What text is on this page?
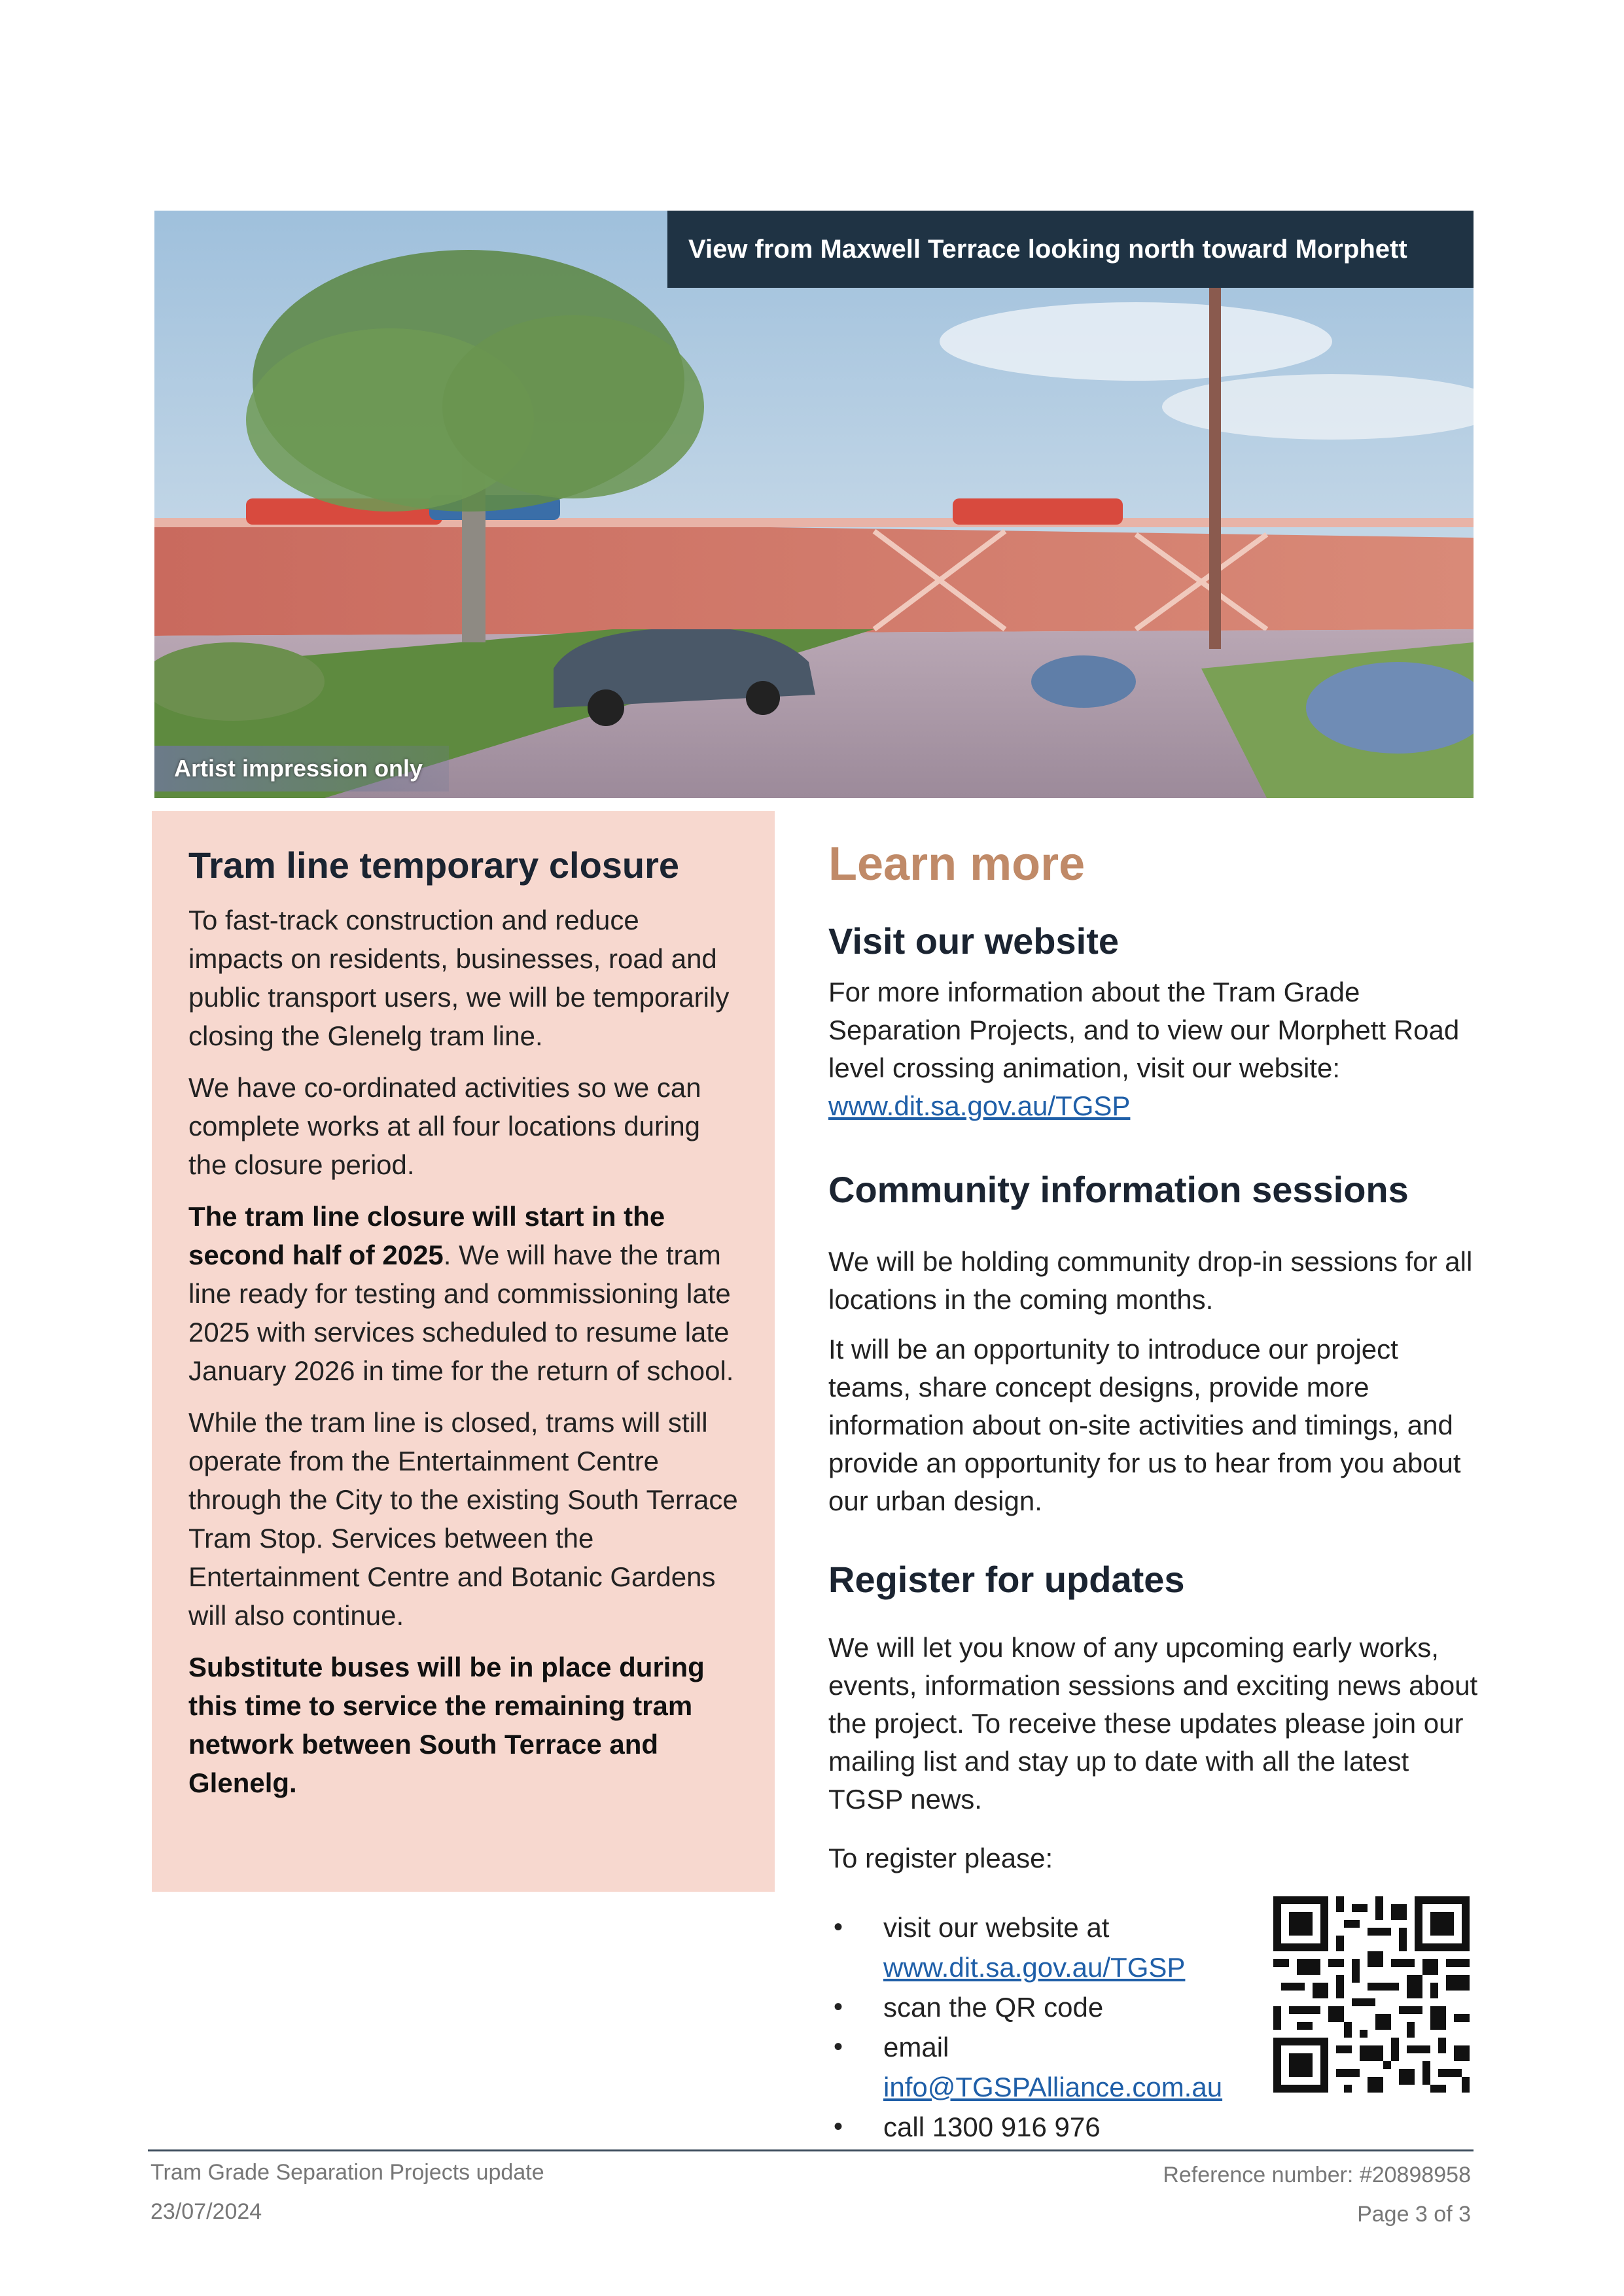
View from Maxwell Terrace looking north toward Morphett
Artist impression only
Tram line temporary closure

To fast-track construction and reduce impacts on residents, businesses, road and public transport users, we will be temporarily closing the Glenelg tram line.

We have co-ordinated activities so we can complete works at all four locations during the closure period.

The tram line closure will start in the second half of 2025. We will have the tram line ready for testing and commissioning late 2025 with services scheduled to resume late January 2026 in time for the return of school.

While the tram line is closed, trams will still operate from the Entertainment Centre through the City to the existing South Terrace Tram Stop. Services between the Entertainment Centre and Botanic Gardens will also continue.

Substitute buses will be in place during this time to service the remaining tram network between South Terrace and Glenelg.

Learn more
Visit our website

For more information about the Tram Grade Separation Projects, and to view our Morphett Road level crossing animation, visit our website: www.dit.sa.gov.au/TGSP

Community information sessions

We will be holding community drop-in sessions for all locations in the coming months.

It will be an opportunity to introduce our project teams, share concept designs, provide more information about on-site activities and timings, and provide an opportunity for us to hear from you about our urban design.

Register for updates

We will let you know of any upcoming early works, events, information sessions and exciting news about the project. To receive these updates please join our mailing list and stay up to date with all the latest TGSP news.

To register please:

• visit our website at
www.dit.sa.gov.au/TGSP
• scan the QR code
• email
info@TGSPAlliance.com.au
• call 1300 916 976
Tram Grade Separation Projects update
23/07/2024
Reference number: #20898958
Page 3 of 3
